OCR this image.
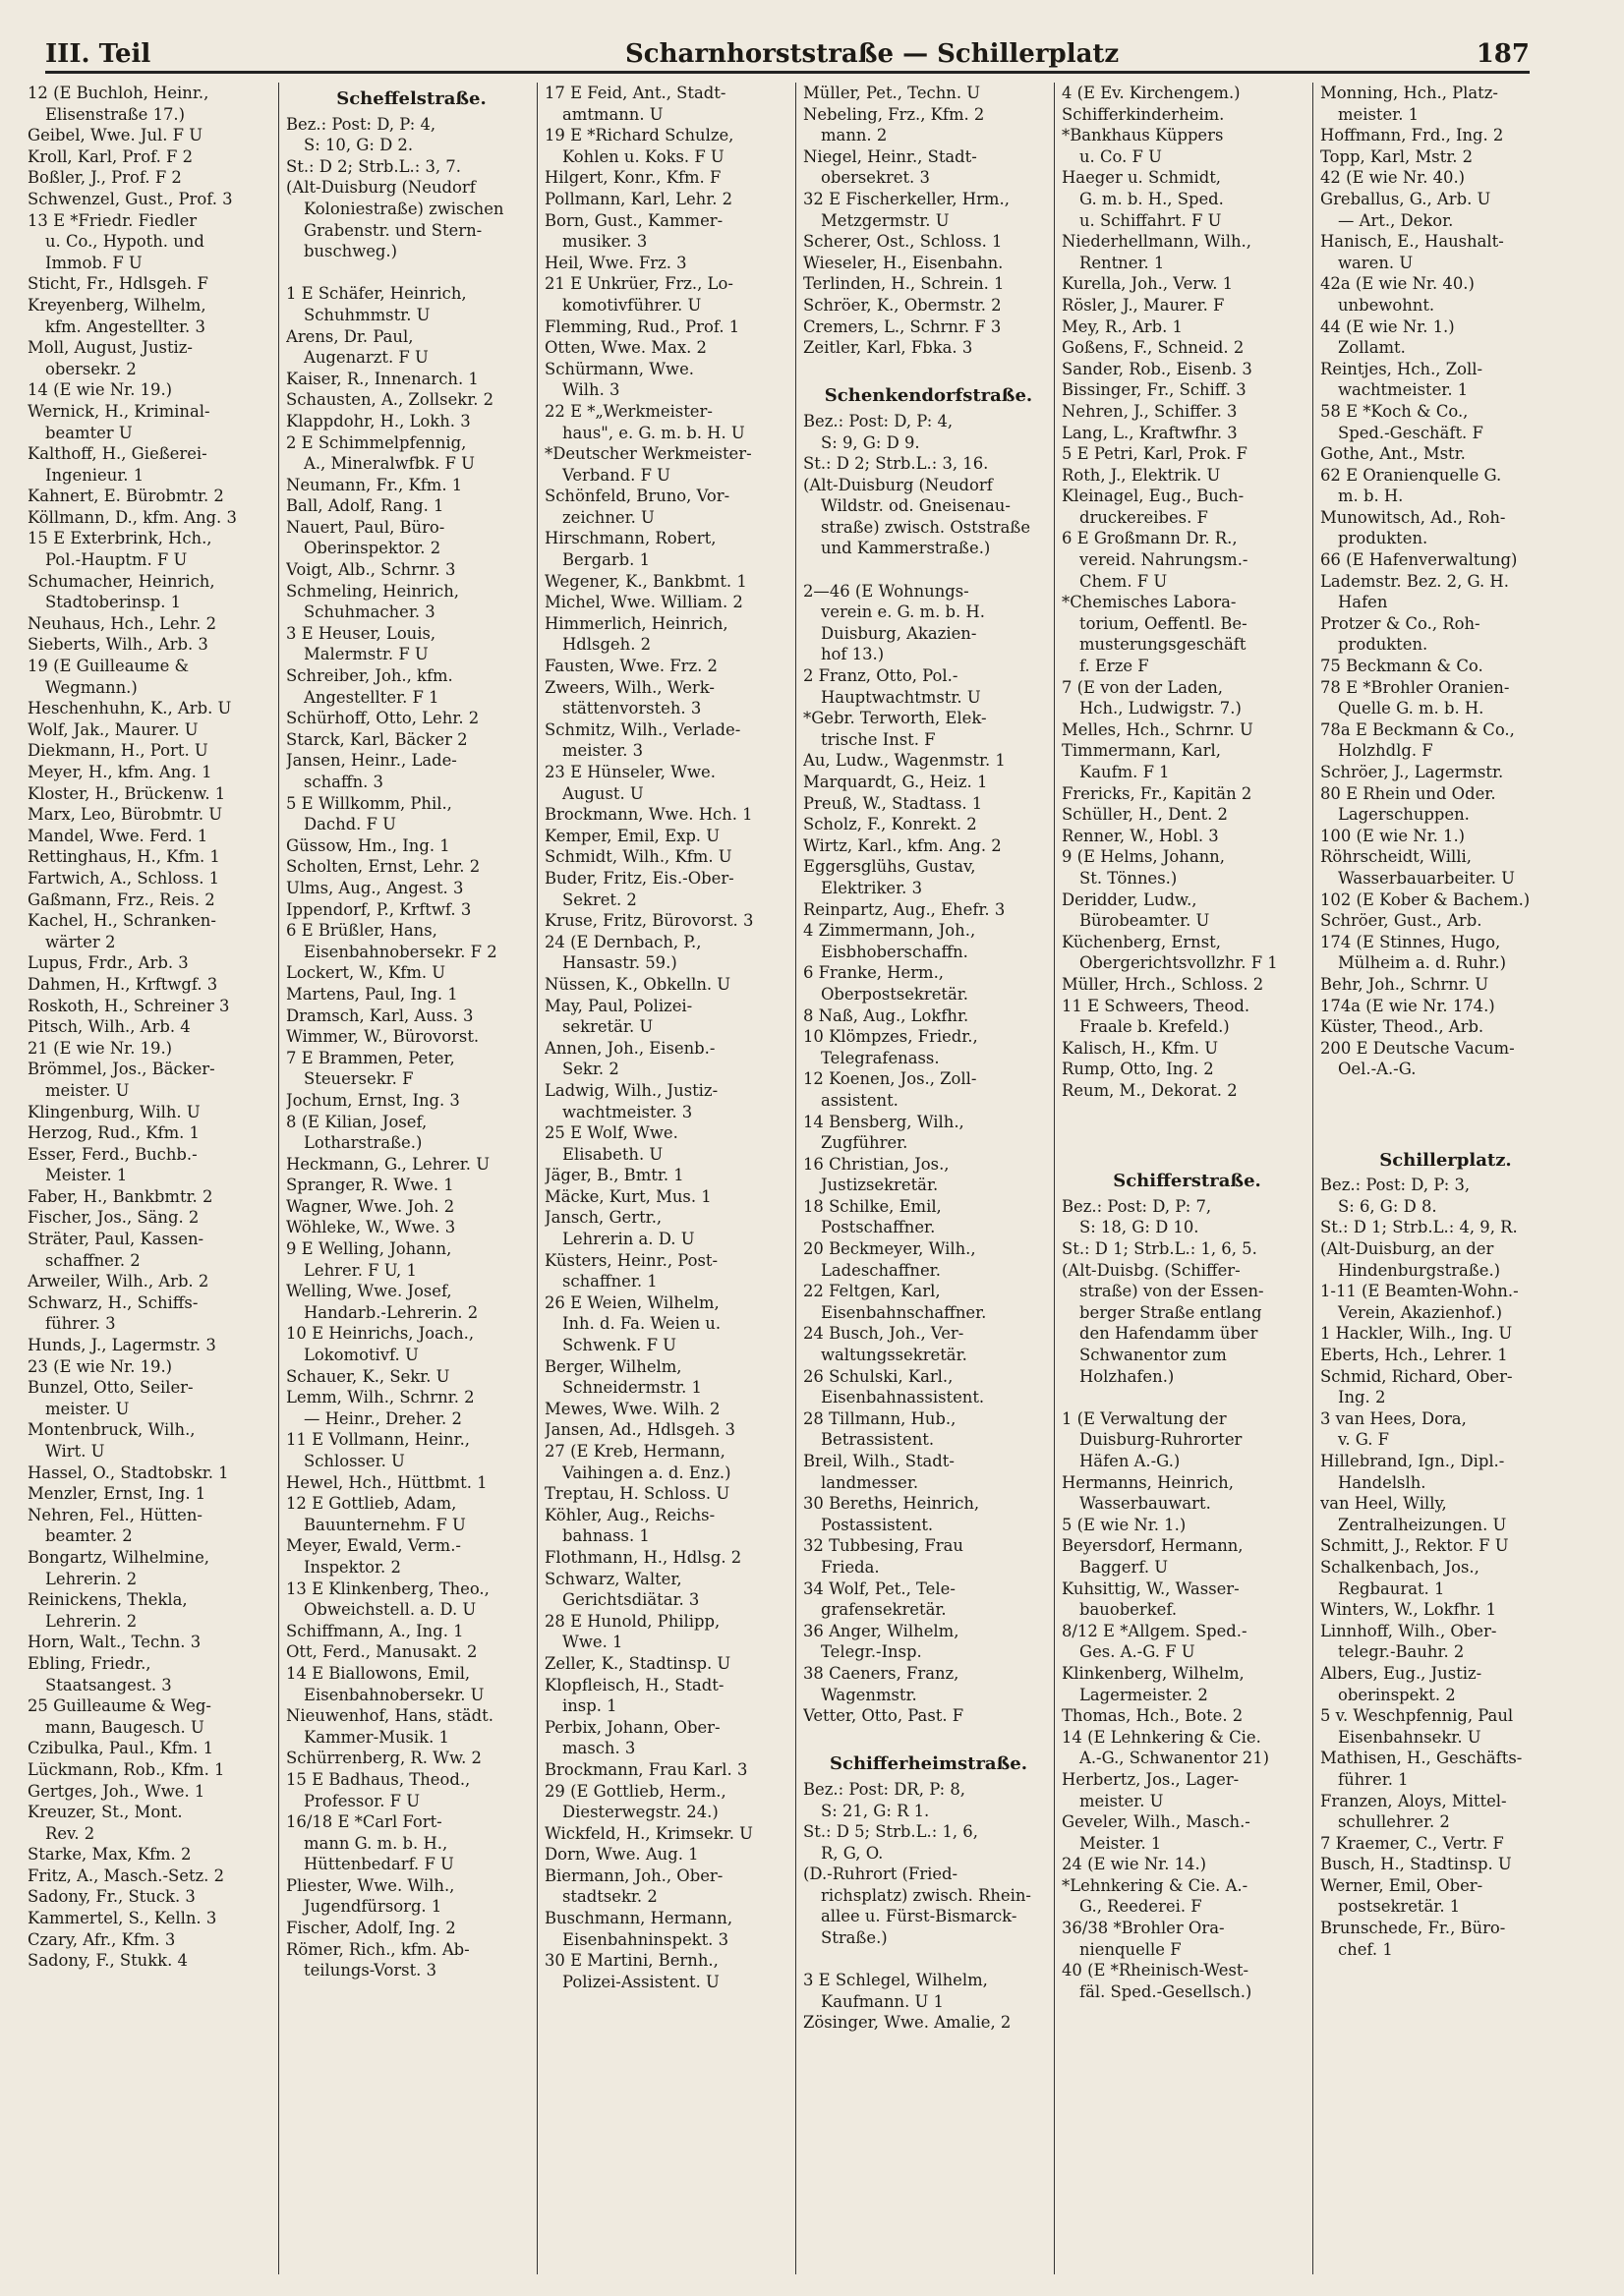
III. Teil	Scharnhorststraße — Schillerplatz	187
12 (E Buchloh, Heinr.,
Elisenstraße 17.)
Geibel, Wwe. Jul. F U
Kroll, Karl, Prof. F 2
Boßler, J., Prof. F 2
Schwenzel, Gust., Prof. 3
13 E *Friedr. Fiedler
u. Co., Hypoth. und
Immob. F U
Sticht, Fr., Hdlsgeh. F
Kreyenberg, Wilhelm,
kfm. Angestellter. 3
Moll, August, Justiz-
obersekr. 2
14 (E wie Nr. 19.)
Wernick, H., Kriminal-
beamter U
Kalthoff, H., Gießerei-
Ingenieur. 1
Kahnert, E. Bürobmtr. 2
Köllmann, D., kfm. Ang. 3
15 E Exterbrink, Hch.,
Pol.-Hauptm. F U
Schumacher, Heinrich,
Stadtoberinsp. 1
Neuhaus, Hch., Lehr. 2
Sieberts, Wilh., Arb. 3
19 (E Guilleaume &
Wegmann.)
Heschenhuhn, K., Arb. U
Wolf, Jak., Maurer. U
Diekmann, H., Port. U
Meyer, H., kfm. Ang. 1
Kloster, H., Brückenw. 1
Marx, Leo, Bürobmtr. U
Mandel, Wwe. Ferd. 1
Rettinghaus, H., Kfm. 1
Fartwich, A., Schloss. 1
Gaßmann, Frz., Reis. 2
Kachel, H., Schranken-
wärter 2
Lupus, Frdr., Arb. 3
Dahmen, H., Krftwgf. 3
Roskoth, H., Schreiner 3
Pitsch, Wilh., Arb. 4
21 (E wie Nr. 19.)
Brömmel, Jos., Bäcker-
meister. U
Klingenburg, Wilh. U
Herzog, Rud., Kfm. 1
Esser, Ferd., Buchb.-
Meister. 1
Faber, H., Bankbmtr. 2
Fischer, Jos., Säng. 2
Sträter, Paul, Kassen-
schaffner. 2
Arweiler, Wilh., Arb. 2
Schwarz, H., Schiffs-
führer. 3
Hunds, J., Lagermstr. 3
23 (E wie Nr. 19.)
Bunzel, Otto, Seiler-
meister. U
Montenbruck, Wilh.,
Wirt. U
Hassel, O., Stadtobskr. 1
Menzler, Ernst, Ing. 1
Nehren, Fel., Hütten-
beamter. 2
Bongartz, Wilhelmine,
Lehrerin. 2
Reinickens, Thekla,
Lehrerin. 2
Horn, Walt., Techn. 3
Ebling, Friedr.,
Staatsangest. 3
25 Guilleaume & Weg-
mann, Baugesch. U
Czibulka, Paul., Kfm. 1
Lückmann, Rob., Kfm. 1
Gertges, Joh., Wwe. 1
Kreuzer, St., Mont.
Rev. 2
Starke, Max, Kfm. 2
Fritz, A., Masch.-Setz. 2
Sadony, Fr., Stuck. 3
Kammertel, S., Kelln. 3
Czary, Afr., Kfm. 3
Sadony, F., Stukk. 4
Scheffelstraße.
Bez.: Post: D, P: 4,
S: 10, G: D 2.
St.: D 2; Strb.L.: 3, 7.
(Alt-Duisburg (Neudorf
Koloniestraße) zwischen
Grabenstr. und Stern-
buschweg.)

1 E Schäfer, Heinrich,
Schuhmmstr. U
Arens, Dr. Paul,
Augenarzt. F U
Kaiser, R., Innenarch. 1
Schausten, A., Zollsekr. 2
Klappdohr, H., Lokh. 3
2 E Schimmelpfennig,
A., Mineralwfbk. F U
Neumann, Fr., Kfm. 1
Ball, Adolf, Rang. 1
Nauert, Paul, Büro-
Oberinspektor. 2
Voigt, Alb., Schrnr. 3
Schmeling, Heinrich,
Schuhmacher. 3
3 E Heuser, Louis,
Malermstr. F U
Schreiber, Joh., kfm.
Angestellter. F 1
Schürhoff, Otto, Lehr. 2
Starck, Karl, Bäcker 2
Jansen, Heinr., Lade-
schaffn. 3
5 E Willkomm, Phil.,
Dachd. F U
Güssow, Hm., Ing. 1
Scholten, Ernst, Lehr. 2
Ulms, Aug., Angest. 3
Ippendorf, P., Krftwf. 3
6 E Brüßler, Hans,
Eisenbahnobersekr. F 2
Lockert, W., Kfm. U
Martens, Paul, Ing. 1
Dramsch, Karl, Auss. 3
Wimmer, W., Bürovorst.
7 E Brammen, Peter,
Steuersekr. F
Jochum, Ernst, Ing. 3
8 (E Kilian, Josef,
Lotharstraße.)
Heckmann, G., Lehrer. U
Spranger, R. Wwe. 1
Wagner, Wwe. Joh. 2
Wöhleke, W., Wwe. 3
9 E Welling, Johann,
Lehrer. F U, 1
Welling, Wwe. Josef,
Handarb.-Lehrerin. 2
10 E Heinrichs, Joach.,
Lokomotivf. U
Schauer, K., Sekr. U
Lemm, Wilh., Schrnr. 2
— Heinr., Dreher. 2
11 E Vollmann, Heinr.,
Schlosser. U
Hewel, Hch., Hüttbmt. 1
12 E Gottlieb, Adam,
Bauunternehm. F U
Meyer, Ewald, Verm.-
Inspektor. 2
13 E Klinkenberg, Theo.,
Obweichstell. a. D. U
Schiffmann, A., Ing. 1
Ott, Ferd., Manusakt. 2
14 E Biallowons, Emil,
Eisenbahnobersekr. U
Nieuwenhof, Hans, städt.
Kammer-Musik. 1
Schürrenberg, R. Ww. 2
15 E Badhaus, Theod.,
Professor. F U
16/18 E *Carl Fort-
mann G. m. b. H.,
Hüttenbedarf. F U
Pliester, Wwe. Wilh.,
Jugendfürsorg. 1
Fischer, Adolf, Ing. 2
Römer, Rich., kfm. Ab-
teilungs-Vorst. 3
17 E Feid, Ant., Stadt-
amtmann. U
19 E *Richard Schulze,
Kohlen u. Koks. F U
Hilgert, Konr., Kfm. F
Pollmann, Karl, Lehr. 2
Born, Gust., Kammer-
musiker. 3
Heil, Wwe. Frz. 3
21 E Unkrüer, Frz., Lo-
komotivführer. U
Flemming, Rud., Prof. 1
Otten, Wwe. Max. 2
Schürmann, Wwe.
Wilh. 3
22 E *„Werkmeister-
haus", e. G. m. b. H. U
*Deutscher Werkmeister-
Verband. F U
Schönfeld, Bruno, Vor-
zeichner. U
Hirschmann, Robert,
Bergarb. 1
Wegener, K., Bankbmt. 1
Michel, Wwe. William. 2
Himmerlich, Heinrich,
Hdlsgeh. 2
Fausten, Wwe. Frz. 2
Zweers, Wilh., Werk-
stättenvorsteh. 3
Schmitz, Wilh., Verlade-
meister. 3
23 E Hünseler, Wwe.
August. U
Brockmann, Wwe. Hch. 1
Kemper, Emil, Exp. U
Schmidt, Wilh., Kfm. U
Buder, Fritz, Eis.-Ober-
Sekret. 2
Kruse, Fritz, Bürovorst. 3
24 (E Dernbach, P.,
Hansastr. 59.)
Nüssen, K., Obkelln. U
May, Paul, Polizei-
sekretär. U
Annen, Joh., Eisenb.-
Sekr. 2
Ladwig, Wilh., Justiz-
wachtmeister. 3
25 E Wolf, Wwe.
Elisabeth. U
Jäger, B., Bmtr. 1
Mäcke, Kurt, Mus. 1
Jansch, Gertr.,
Lehrerin a. D. U
Küsters, Heinr., Post-
schaffner. 1
26 E Weien, Wilhelm,
Inh. d. Fa. Weien u.
Schwenk. F U
Berger, Wilhelm,
Schneidermstr. 1
Mewes, Wwe. Wilh. 2
Jansen, Ad., Hdlsgeh. 3
27 (E Kreb, Hermann,
Vaihingen a. d. Enz.)
Treptau, H. Schloss. U
Köhler, Aug., Reichs-
bahnass. 1
Flothmann, H., Hdlsg. 2
Schwarz, Walter,
Gerichtsdiätar. 3
28 E Hunold, Philipp,
Wwe. 1
Zeller, K., Stadtinsp. U
Klopfleisch, H., Stadt-
insp. 1
Perbix, Johann, Ober-
masch. 3
Brockmann, Frau Karl. 3
29 (E Gottlieb, Herm.,
Diesterwegstr. 24.)
Wickfeld, H., Krimsekr. U
Dorn, Wwe. Aug. 1
Biermann, Joh., Ober-
stadtsekr. 2
Buschmann, Hermann,
Eisenbahninspekt. 3
30 E Martini, Bernh.,
Polizei-Assistent. U
Müller, Pet., Techn. U
Nebeling, Frz., Kfm. 2
mann. 2
Niegel, Heinr., Stadt-
obersekret. 3
32 E Fischerkeller, Hrm.,
Metzgermstr. U
Scherer, Ost., Schloss. 1
Wieseler, H., Eisenbahn.
Terlinden, H., Schrein. 1
Schröer, K., Obermstr. 2
Cremers, L., Schrnr. F 3
Zeitler, Karl, Fbka. 3

Schenkendorfstraße.
Bez.: Post: D, P: 4,
S: 9, G: D 9.
St.: D 2; Strb.L.: 3, 16.
(Alt-Duisburg (Neudorf
Wildstr. od. Gneisenau-
straße) zwisch. Oststraße
und Kammerstraße.)

2—46 (E Wohnungs-
verein e. G. m. b. H.
Duisburg, Akazien-
hof 13.)
2 Franz, Otto, Pol.-
Hauptwachtmstr. U
*Gebr. Terworth, Elek-
trische Inst. F
Au, Ludw., Wagenmstr. 1
Marquardt, G., Heiz. 1
Preuß, W., Stadtass. 1
Scholz, F., Konrekt. 2
Wirtz, Karl., kfm. Ang. 2
Eggersglühs, Gustav,
Elektriker. 3
Reinpartz, Aug., Ehefr. 3
4 Zimmermann, Joh.,
Eisbhoberschaffn.
6 Franke, Herm.,
Oberpostsekretär.
8 Naß, Aug., Lokfhr.
10 Klömpzes, Friedr.,
Telegrafenass.
12 Koenen, Jos., Zoll-
assistent.
14 Bensberg, Wilh.,
Zugführer.
16 Christian, Jos.,
Justizsekretär.
18 Schilke, Emil,
Postschaffner.
20 Beckmeyer, Wilh.,
Ladeschaffner.
22 Feltgen, Karl,
Eisenbahnschaffner.
24 Busch, Joh., Ver-
waltungssekretär.
26 Schulski, Karl.,
Eisenbahnassistent.
28 Tillmann, Hub.,
Betrassistent.
Breil, Wilh., Stadt-
landmesser.
30 Bereths, Heinrich,
Postassistent.
32 Tubbesing, Frau
Frieda.
34 Wolf, Pet., Tele-
grafensekretär.
36 Anger, Wilhelm,
Telegr.-Insp.
38 Caeners, Franz,
Wagenmstr.
Vetter, Otto, Past. F

Schifferheimstraße.
Bez.: Post: DR, P: 8,
S: 21, G: R 1.
St.: D 5; Strb.L.: 1, 6,
R, G, O.
(D.-Ruhrort (Fried-
richsplatz) zwisch. Rhein-
allee u. Fürst-Bismarck-
Straße.)

3 E Schlegel, Wilhelm,
Kaufmann. U 1
Zösinger, Wwe. Amalie, 2
4 (E Ev. Kirchengem.)
Schifferkinderheim.
*Bankhaus Küppers
u. Co. F U
Haeger u. Schmidt,
G. m. b. H., Sped.
u. Schiffahrt. F U
Niederhellmann, Wilh.,
Rentner. 1
Kurella, Joh., Verw. 1
Rösler, J., Maurer. F
Mey, R., Arb. 1
Goßens, F., Schneid. 2
Sander, Rob., Eisenb. 3
Bissinger, Fr., Schiff. 3
Nehren, J., Schiffer. 3
Lang, L., Kraftwfhr. 3
5 E Petri, Karl, Prok. F
Roth, J., Elektrik. U
Kleinagel, Eug., Buch-
druckereibes. F
6 E Großmann Dr. R.,
vereid. Nahrungsm.-
Chem. F U
*Chemisches Labora-
torium, Oeffentl. Be-
musterungsgeschäft
f. Erze F
7 (E von der Laden,
Hch., Ludwigstr. 7.)
Melles, Hch., Schrnr. U
Timmermann, Karl,
Kaufm. F 1
Frericks, Fr., Kapitän 2
Schüller, H., Dent. 2
Renner, W., Hobl. 3
9 (E Helms, Johann,
St. Tönnes.)
Deridder, Ludw.,
Bürobeamter. U
Küchenberg, Ernst,
Obergerichtsvollzhr. F 1
Müller, Hrch., Schloss. 2
11 E Schweers, Theod.
Fraale b. Krefeld.)
Kalisch, H., Kfm. U
Rump, Otto, Ing. 2
Reum, M., Dekorat. 2

Schifferstraße.
Bez.: Post: D, P: 7,
S: 18, G: D 10.
St.: D 1; Strb.L.: 1, 6, 5.
(Alt-Duisbg. (Schiffer-
straße) von der Essen-
berger Straße entlang
den Hafendamm über
Schwanentor zum
Holzhafen.)

1 (E Verwaltung der
Duisburg-Ruhrorter
Häfen A.-G.)
Hermanns, Heinrich,
Wasserbauwart.
5 (E wie Nr. 1.)
Beyersdorf, Hermann,
Baggerf. U
Kuhsittig, W., Wasser-
bauoberkef.
8/12 E *Allgem. Sped.-
Ges. A.-G. F U
Klinkenberg, Wilhelm,
Lagermeister. 2
Thomas, Hch., Bote. 2
14 (E Lehnkering & Cie.
A.-G., Schwanentor 21)
Herbertz, Jos., Lager-
meister. U
Geveler, Wilh., Masch.-
Meister. 1
24 (E wie Nr. 14.)
*Lehnkering & Cie. A.-
G., Reederei. F
36/38 *Brohler Ora-
nienquelle F
40 (E *Rheinisch-West-
fäl. Sped.-Gesellsch.)
Monning, Hch., Platz-
meister. 1
Hoffmann, Frd., Ing. 2
Topp, Karl, Mstr. 2
42 (E wie Nr. 40.)
Greballus, G., Arb. U
— Art., Dekor.
Hanisch, E., Haushalt-
waren. U
42a (E wie Nr. 40.)
unbewohnt.
44 (E wie Nr. 1.)
Zollamt.
Reintjes, Hch., Zoll-
wachtmeister. 1
58 E *Koch & Co.,
Sped.-Geschäft. F
Gothe, Ant., Mstr.
62 E Oranienquelle G.
m. b. H.
Munowitsch, Ad., Roh-
produkten.
66 (E Hafenverwaltung)
Lademstr. Bez. 2, G. H.
Hafen
Protzer & Co., Roh-
produkten.
75 Beckmann & Co.
78 E *Brohler Oranien-
Quelle G. m. b. H.
78a E Beckmann & Co.,
Holzhdlg. F
Schröer, J., Lagermstr.
80 E Rhein und Oder.
Lagerschuppen.
100 (E wie Nr. 1.)
Röhrscheidt, Willi,
Wasserbauarbeiter. U
102 (E Kober & Bachem.)
Schröer, Gust., Arb.
174 (E Stinnes, Hugo,
Mülheim a. d. Ruhr.)
Behr, Joh., Schrnr. U
174a (E wie Nr. 174.)
Küster, Theod., Arb.
200 E Deutsche Vacum-
Oel.-A.-G.

Schillerplatz.
Bez.: Post: D, P: 3,
S: 6, G: D 8.
St.: D 1; Strb.L.: 4, 9, R.
(Alt-Duisburg, an der
Hindenburgstraße.)
1-11 (E Beamten-Wohn.-
Verein, Akazienhof.)
1 Hackler, Wilh., Ing. U
Eberts, Hch., Lehrer. 1
Schmid, Richard, Ober-
Ing. 2
3 van Hees, Dora,
v. G. F
Hillebrand, Ign., Dipl.-
Handelslh.
van Heel, Willy,
Zentralheizungen. U
Schmitt, J., Rektor. F U
Schalkenbach, Jos.,
Regbaurat. 1
Winters, W., Lokfhr. 1
Linnhoff, Wilh., Ober-
telegr.-Bauhr. 2
Albers, Eug., Justiz-
oberinspekt. 2
5 v. Weschpfennig, Paul
Eisenbahnsekr. U
Mathisen, H., Geschäfts-
führer. 1
Franzen, Aloys, Mittel-
schullehrer. 2
7 Kraemer, C., Vertr. F
Busch, H., Stadtinsp. U
Werner, Emil, Ober-
postsekretär. 1
Brunschede, Fr., Büro-
chef. 1
